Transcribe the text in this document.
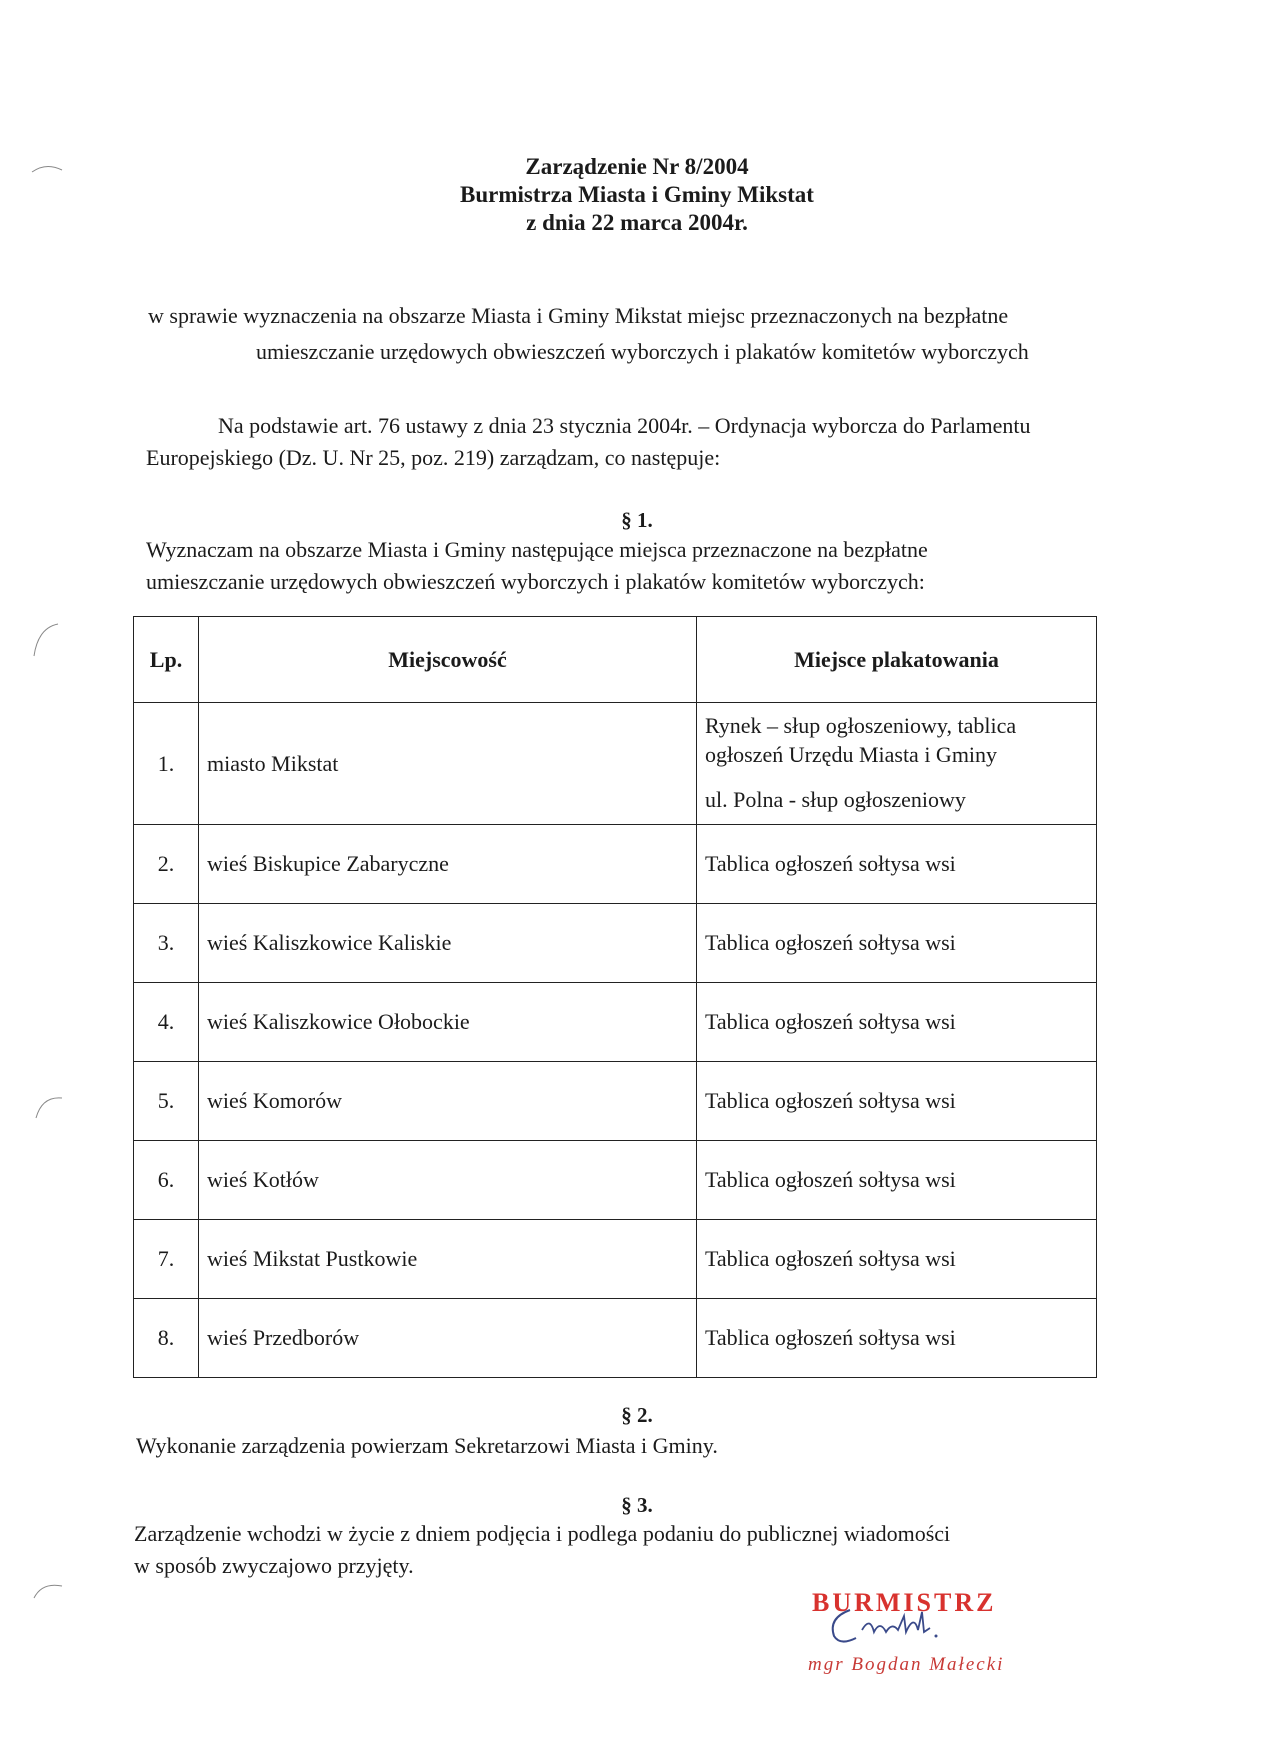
Zarządzenie Nr 8/2004
Burmistrza Miasta i Gminy Mikstat
z dnia 22 marca 2004r.
w sprawie wyznaczenia na obszarze Miasta i Gminy Mikstat miejsc przeznaczonych na bezpłatne
umieszczanie urzędowych obwieszczeń wyborczych i plakatów komitetów wyborczych
Na podstawie art. 76 ustawy z dnia 23 stycznia 2004r. – Ordynacja wyborcza do Parlamentu
Europejskiego (Dz. U. Nr 25, poz. 219) zarządzam, co następuje:
§ 1.
Wyznaczam na obszarze Miasta i Gminy następujące miejsca przeznaczone na bezpłatne
umieszczanie urzędowych obwieszczeń wyborczych i plakatów komitetów wyborczych:
Lp.	Miejscowość	Miejsce plakatowania
1.	miasto Mikstat	Rynek – słup ogłoszeniowy, tablica ogłoszeń Urzędu Miasta i Gminy
ul. Polna - słup ogłoszeniowy

2.	wieś Biskupice Zabaryczne	Tablica ogłoszeń sołtysa wsi
3.	wieś Kaliszkowice Kaliskie	Tablica ogłoszeń sołtysa wsi
4.	wieś Kaliszkowice Ołobockie	Tablica ogłoszeń sołtysa wsi
5.	wieś Komorów	Tablica ogłoszeń sołtysa wsi
6.	wieś Kotłów	Tablica ogłoszeń sołtysa wsi
7.	wieś Mikstat Pustkowie	Tablica ogłoszeń sołtysa wsi
8.	wieś Przedborów	Tablica ogłoszeń sołtysa wsi
§ 2.
Wykonanie zarządzenia powierzam Sekretarzowi Miasta i Gminy.
§ 3.
Zarządzenie wchodzi w życie z dniem podjęcia i podlega podaniu do publicznej wiadomości
w sposób zwyczajowo przyjęty.
BURMISTRZ
mgr Bogdan Małecki
